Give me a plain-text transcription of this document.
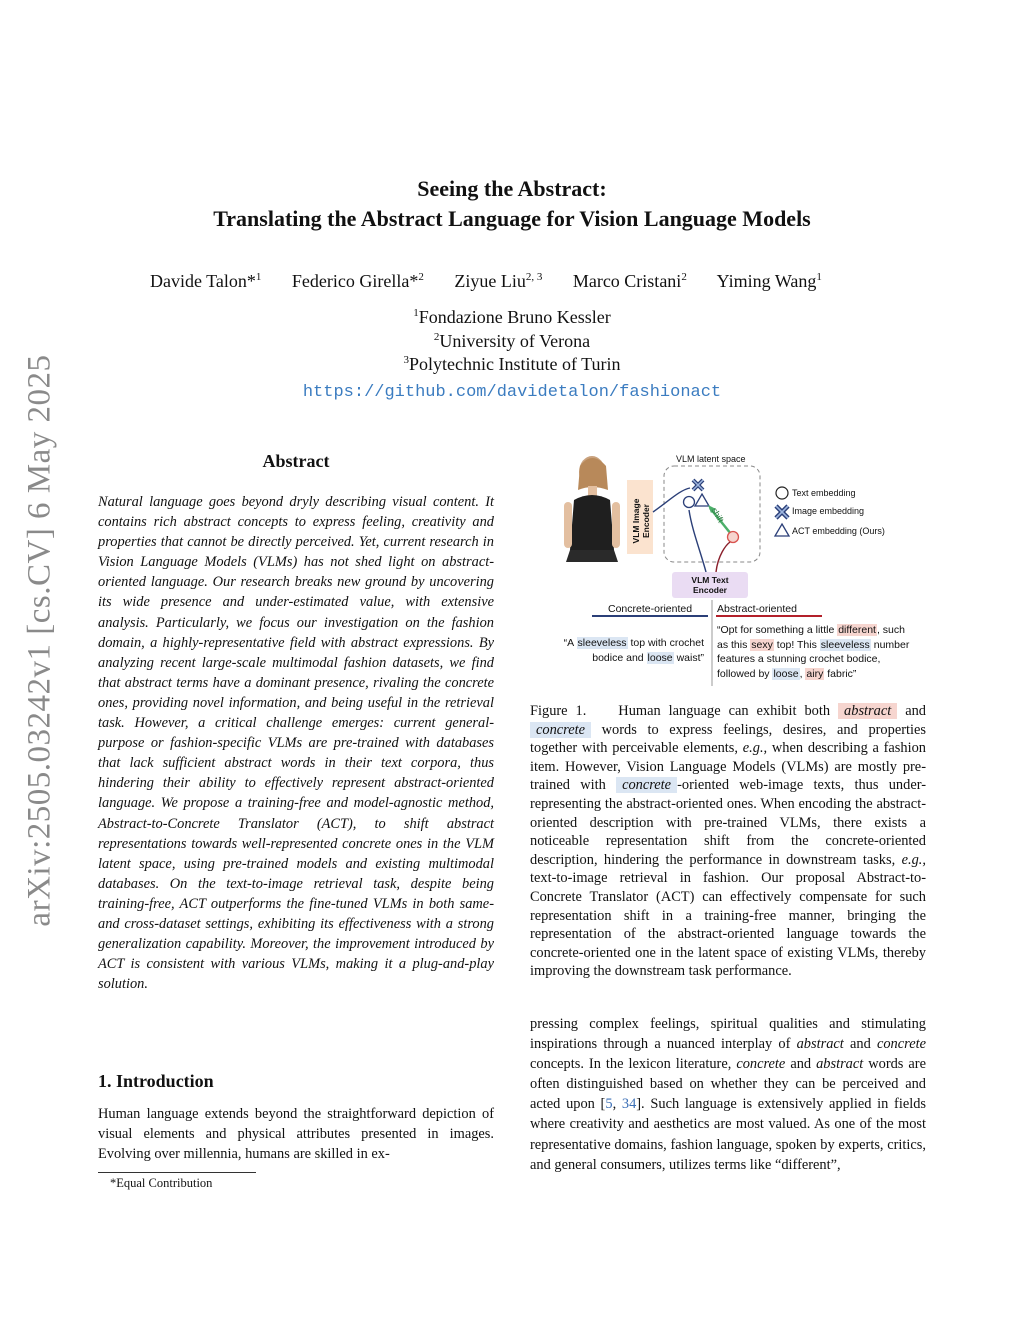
arXiv:2505.03242v1 [cs.CV] 6 May 2025
Seeing the Abstract:
Translating the Abstract Language for Vision Language Models
Davide Talon*$^1$ Federico Girella*$^2$ Ziyue Liu$^{2, 3}$ Marco Cristani$^2$ Yiming Wang$^1$
$^1$Fondazione Bruno Kessler
$^2$University of Verona
$^3$Polytechnic Institute of Turin
https://github.com/davidetalon/fashionact
Abstract
Natural language goes beyond dryly describing visual content. It contains rich abstract concepts to express feeling, creativity and properties that cannot be directly perceived. Yet, current research in Vision Language Models (VLMs) has not shed light on abstract-oriented language. Our research breaks new ground by uncovering its wide presence and under-estimated value, with extensive analysis. Particularly, we focus our investigation on the fashion domain, a highly-representative field with abstract expressions. By analyzing recent large-scale multimodal fashion datasets, we find that abstract terms have a dominant presence, rivaling the concrete ones, providing novel information, and being useful in the retrieval task. However, a critical challenge emerges: current general-purpose or fashion-specific VLMs are pre-trained with databases that lack sufficient abstract words in their text corpora, thus hindering their ability to effectively represent abstract-oriented language. We propose a training-free and model-agnostic method, Abstract-to-Concrete Translator (ACT), to shift abstract representations towards well-represented concrete ones in the VLM latent space, using pre-trained models and existing multimodal databases. On the text-to-image retrieval task, despite being training-free, ACT outperforms the fine-tuned VLMs in both same- and cross-dataset settings, exhibiting its effectiveness with a strong generalization capability. Moreover, the improvement introduced by ACT is consistent with various VLMs, making it a plug-and-play solution.
1. Introduction
Human language extends beyond the straightforward depiction of visual elements and physical attributes presented in images. Evolving over millennia, humans are skilled in ex-
*Equal Contribution
VLM latent space
VLM Image Encoder	shift
VLM Text Encoder
Text embedding
Image embedding
ACT embedding (Ours)
Concrete-oriented Abstract-oriented
“A sleeveless top with crochet bodice and loose waist”
“Opt for something a little different, such as this sexy top! This sleeveless number features a stunning crochet bodice, followed by loose, airy fabric”
Figure 1. Human language can exhibit both abstract and concrete words to express feelings, desires, and properties together with perceivable elements, e.g., when describing a fashion item. However, Vision Language Models (VLMs) are mostly pre-trained with concrete -oriented web-image texts, thus under-representing the abstract-oriented ones. When encoding the abstract-oriented description with pre-trained VLMs, there exists a noticeable representation shift from the concrete-oriented description, hindering the performance in downstream tasks, e.g., text-to-image retrieval in fashion. Our proposal Abstract-to-Concrete Translator (ACT) can effectively compensate for such representation shift in a training-free manner, bringing the representation of the abstract-oriented language towards the concrete-oriented one in the latent space of existing VLMs, thereby improving the downstream task performance.
pressing complex feelings, spiritual qualities and stimulating inspirations through a nuanced interplay of abstract and concrete concepts. In the lexicon literature, concrete and abstract words are often distinguished based on whether they can be perceived and acted upon [5, 34]. Such language is extensively applied in fields where creativity and aesthetics are most valued. As one of the most representative domains, fashion language, spoken by experts, critics, and general consumers, utilizes terms like “different”,
